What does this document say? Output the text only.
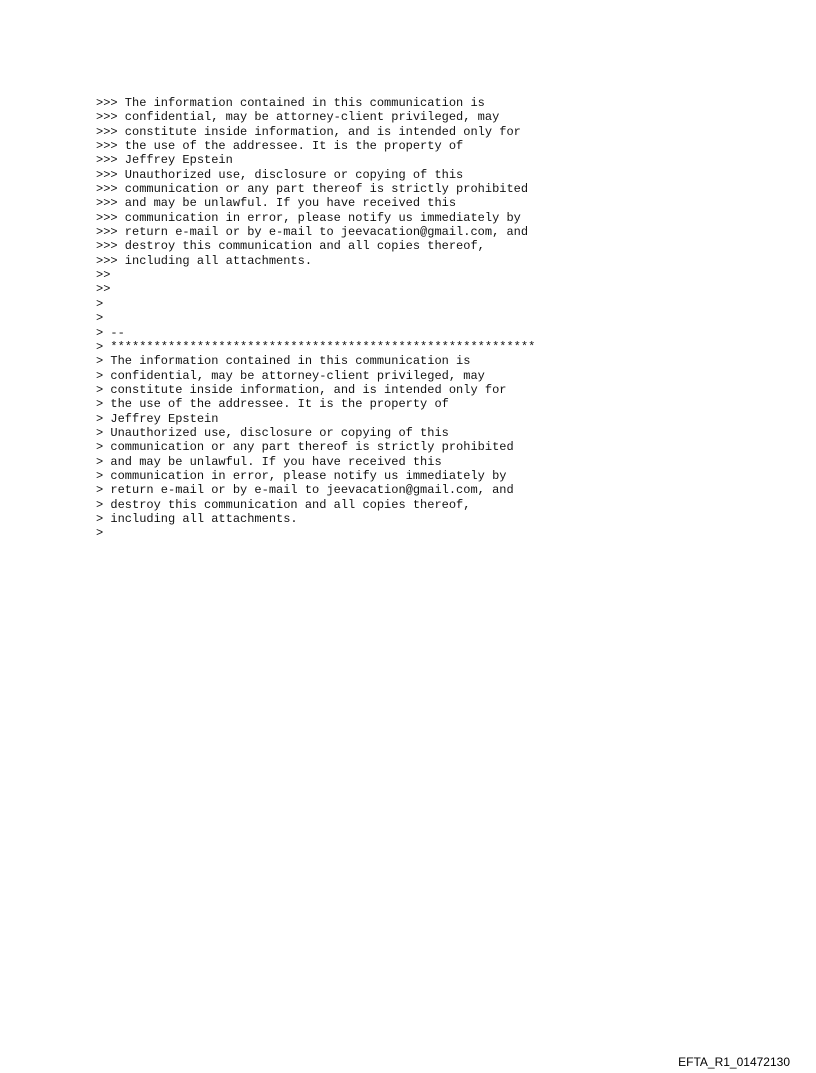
>>> The information contained in this communication is
>>> confidential, may be attorney-client privileged, may
>>> constitute inside information, and is intended only for
>>> the use of the addressee. It is the property of
>>> Jeffrey Epstein
>>> Unauthorized use, disclosure or copying of this
>>> communication or any part thereof is strictly prohibited
>>> and may be unlawful. If you have received this
>>> communication in error, please notify us immediately by
>>> return e-mail or by e-mail to jeevacation@gmail.com, and
>>> destroy this communication and all copies thereof,
>>> including all attachments.
>>
>>
>
>
> --
> ***********************************************************
> The information contained in this communication is
> confidential, may be attorney-client privileged, may
> constitute inside information, and is intended only for
> the use of the addressee. It is the property of
> Jeffrey Epstein
> Unauthorized use, disclosure or copying of this
> communication or any part thereof is strictly prohibited
> and may be unlawful. If you have received this
> communication in error, please notify us immediately by
> return e-mail or by e-mail to jeevacation@gmail.com, and
> destroy this communication and all copies thereof,
> including all attachments.
>
EFTA_R1_01472130
